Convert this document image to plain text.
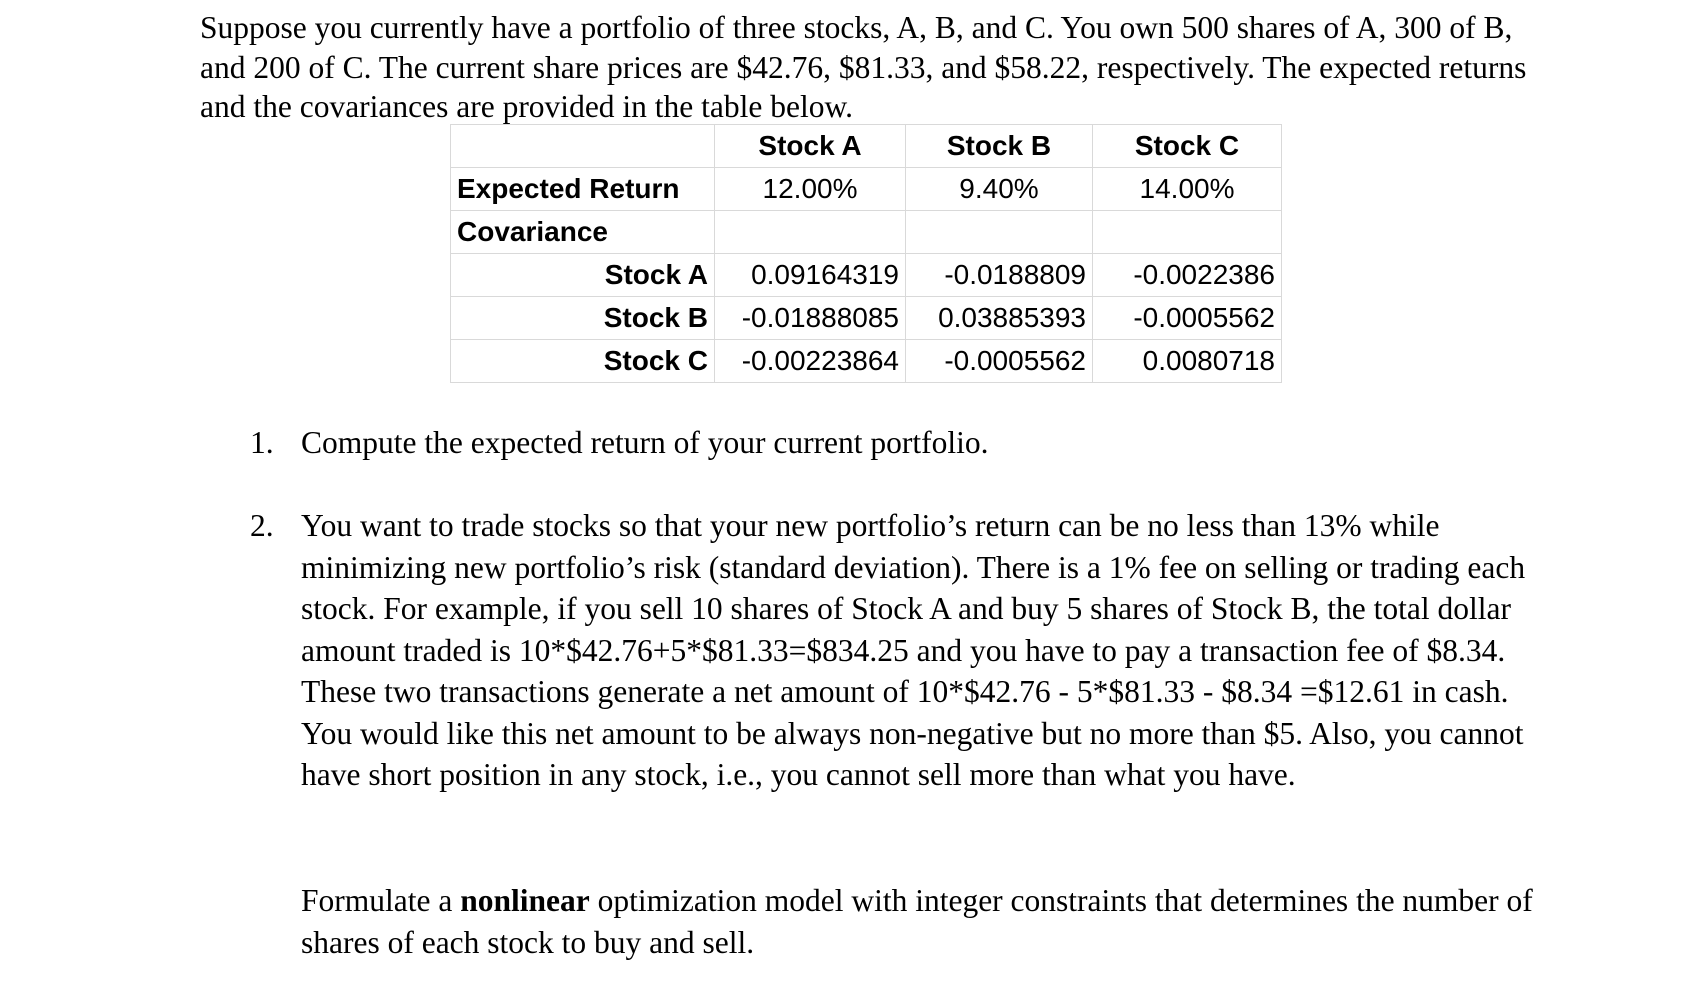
Suppose you currently have a portfolio of three stocks, A, B, and C. You own 500 shares of A, 300 of B, and 200 of C. The current share prices are $42.76, $81.33, and $58.22, respectively. The expected returns and the covariances are provided in the table below.

	Stock A	Stock B	Stock C
Expected Return	12.00%	9.40%	14.00%
Covariance			
Stock A	0.09164319	-0.0188809	-0.0022386
Stock B	-0.01888085	0.03885393	-0.0005562
Stock C	-0.00223864	-0.0005562	0.0080718
1. Compute the expected return of your current portfolio.

2. You want to trade stocks so that your new portfolio’s return can be no less than 13% while minimizing new portfolio’s risk (standard deviation). There is a 1% fee on selling or trading each stock. For example, if you sell 10 shares of Stock A and buy 5 shares of Stock B, the total dollar amount traded is 10*$42.76+5*$81.33=$834.25 and you have to pay a transaction fee of $8.34. These two transactions generate a net amount of 10*$42.76 - 5*$81.33 - $8.34 =$12.61 in cash. You would like this net amount to be always non-negative but no more than $5. Also, you cannot have short position in any stock, i.e., you cannot sell more than what you have.

Formulate a nonlinear optimization model with integer constraints that determines the number of shares of each stock to buy and sell.
